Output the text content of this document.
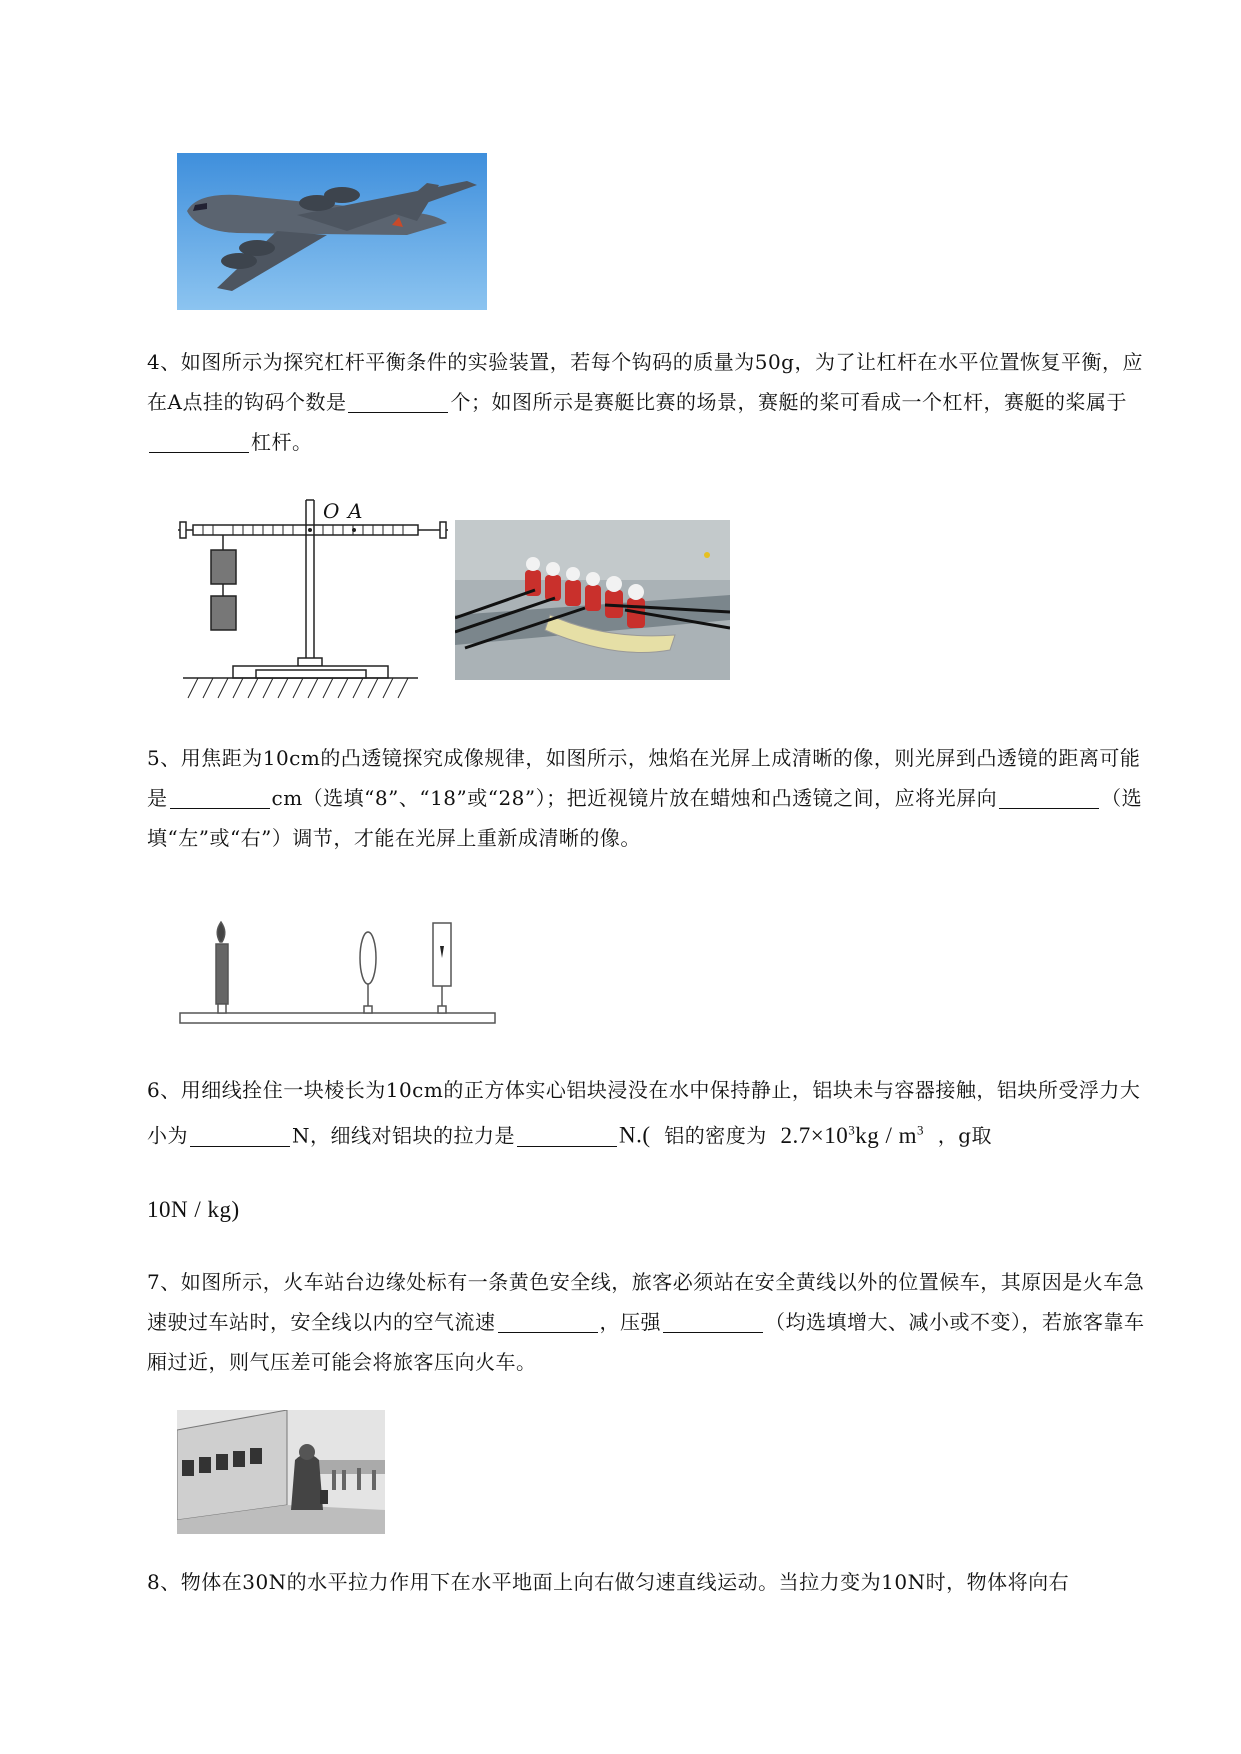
4、如图所示为探究杠杆平衡条件的实验装置，若每个钩码的质量为50g，为了让杠杆在水平位置恢复平衡，应在A点挂的钩码个数是	个；如图所示是赛艇比赛的场景，赛艇的桨可看成一个杠杆，赛艇的桨属于杠杆。
O A
5、用焦距为10cm的凸透镜探究成像规律，如图所示，烛焰在光屏上成清晰的像，则光屏到凸透镜的距离可能是	cm（选填“8”、“18”或“28”）；把近视镜片放在蜡烛和凸透镜之间，应将光屏向	（选填“左”或“右”）调节，才能在光屏上重新成清晰的像。
6、用细线拴住一块棱长为10cm的正方体实心铝块浸没在水中保持静止，铝块未与容器接触，铝块所受浮力大小为	N，细线对铝块的拉力是	N.( 铝的密度为 $2.7\times 10^3kg / m^3$ ，g取
10N / kg)
7、如图所示，火车站台边缘处标有一条黄色安全线，旅客必须站在安全黄线以外的位置候车，其原因是火车急速驶过车站时，安全线以内的空气流速	，压强	（均选填增大、减小或不变），若旅客靠车厢过近，则气压差可能会将旅客压向火车。
8、物体在30N的水平拉力作用下在水平地面上向右做匀速直线运动。当拉力变为10N时，物体将向右
